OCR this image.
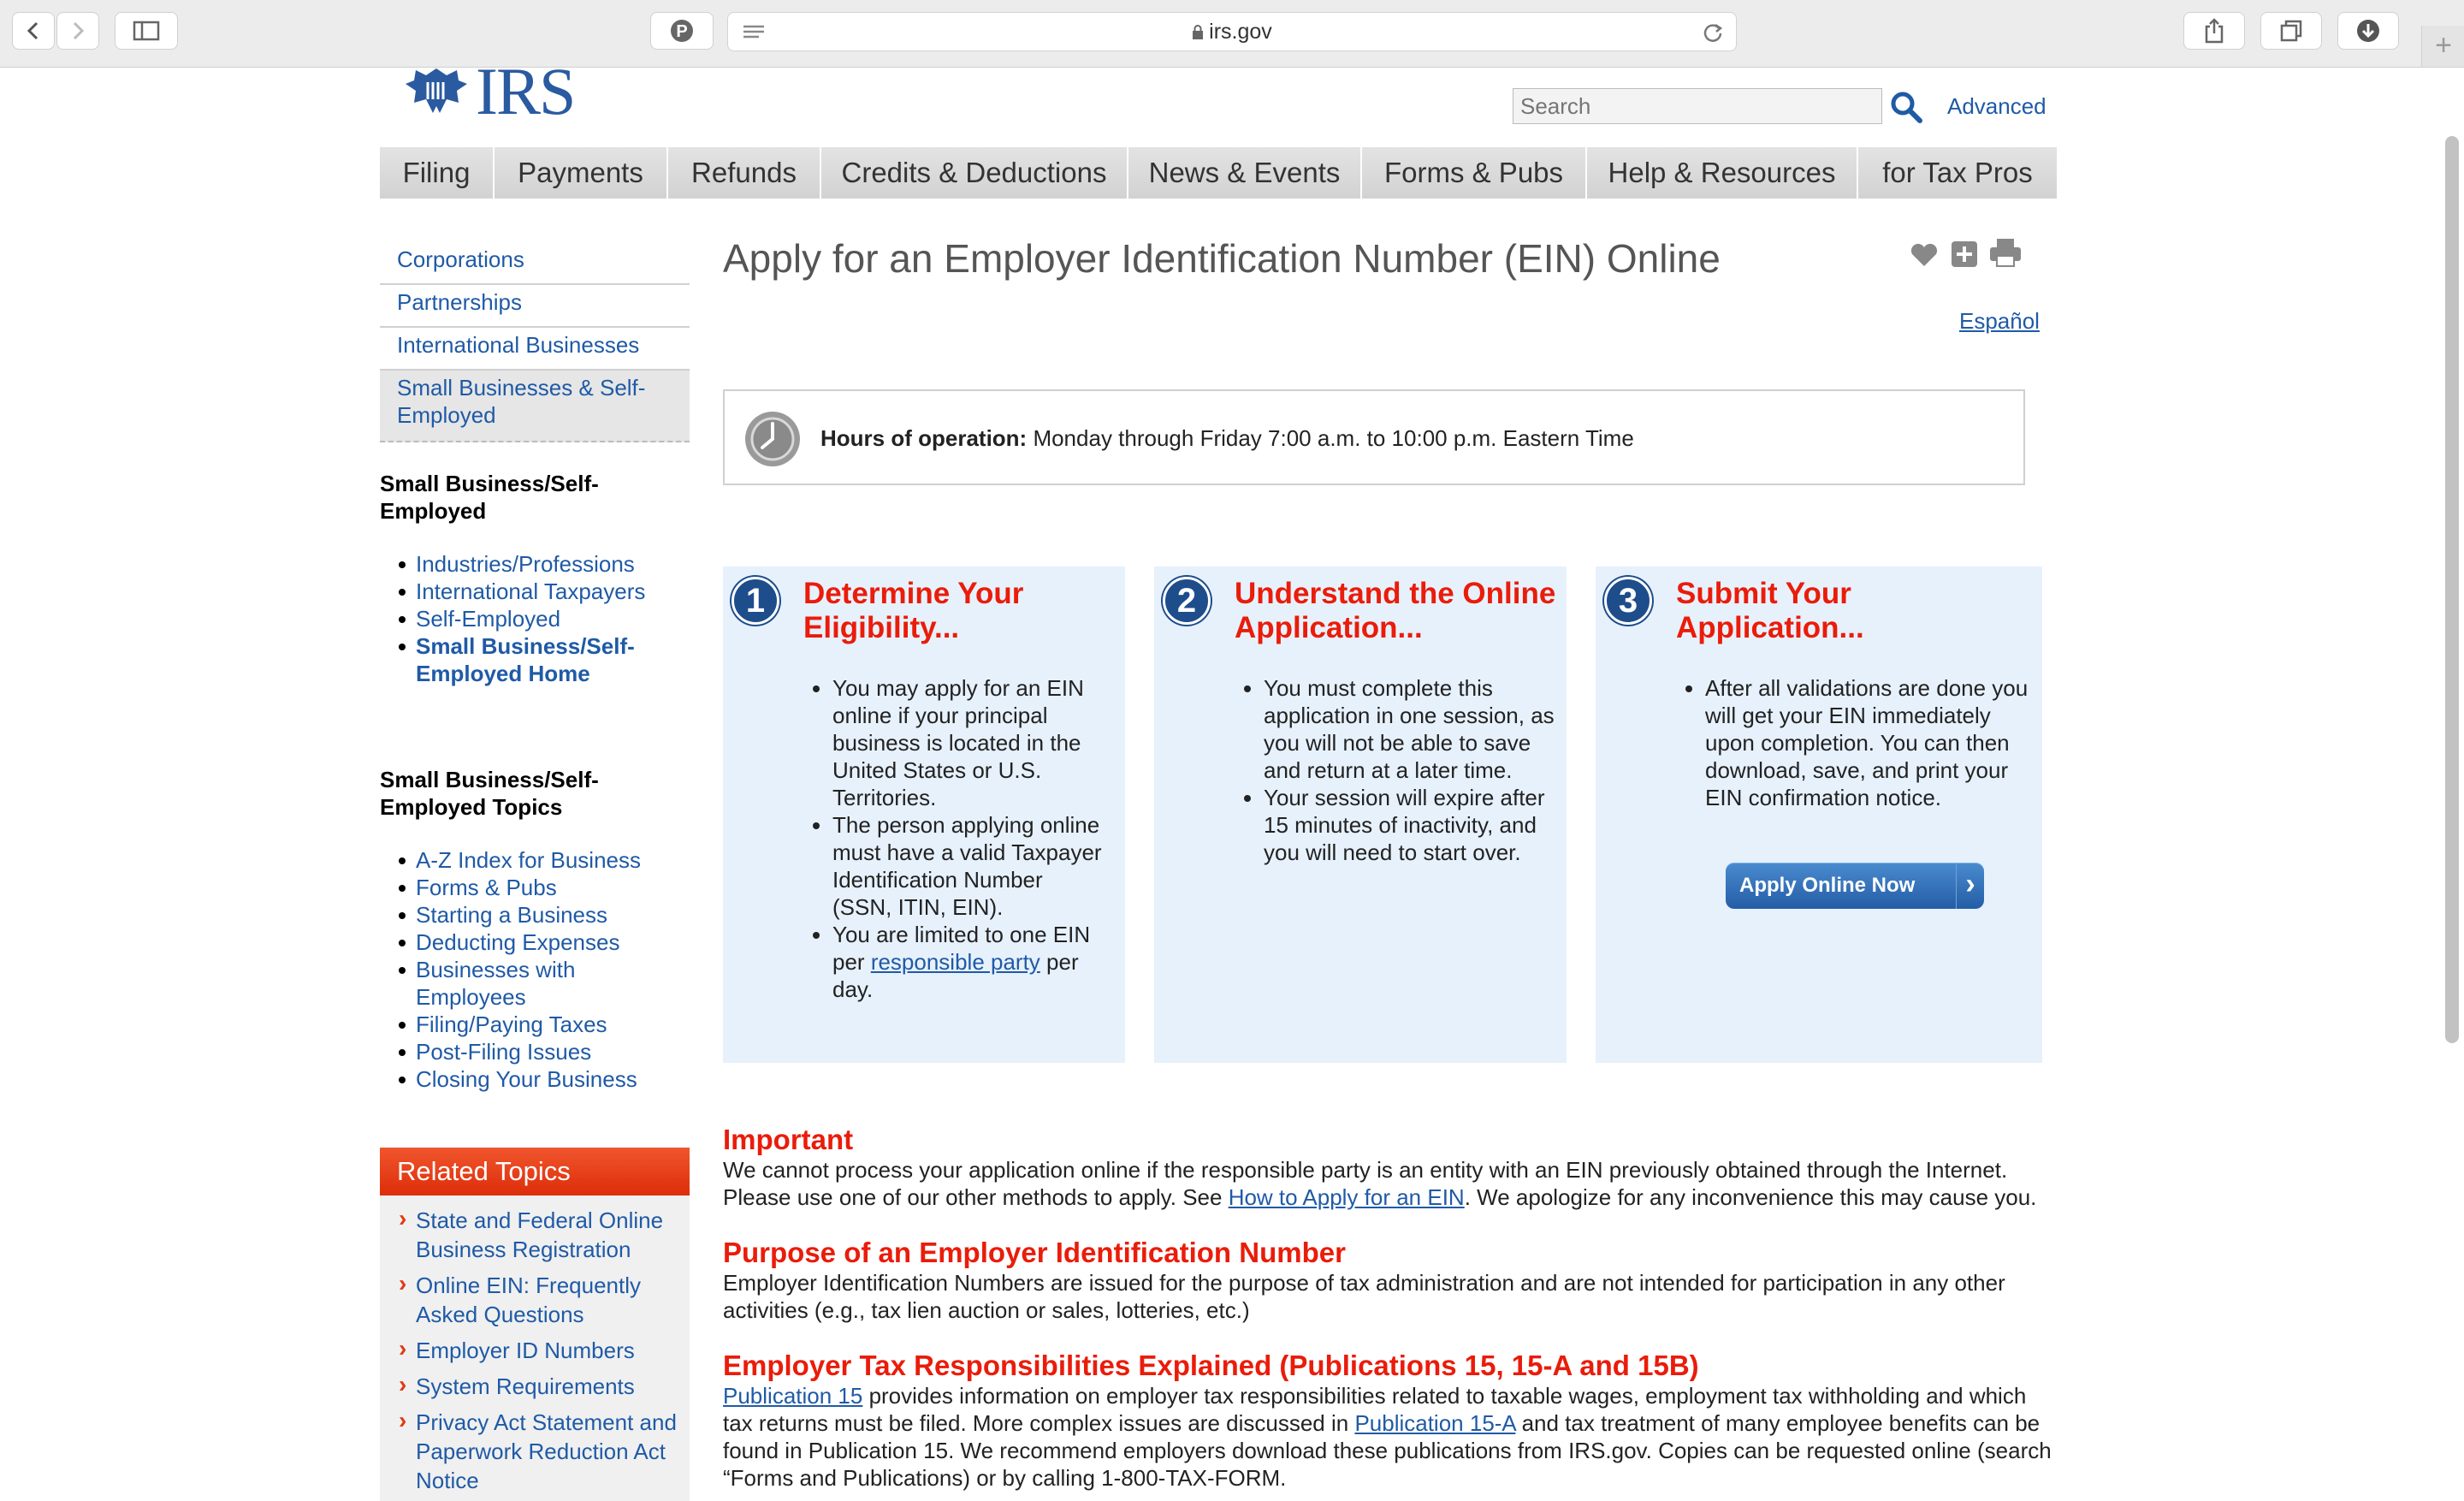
P	irs.gov	+
IRS
Search	Advanced
Filing	Payments	Refunds	Credits & Deductions	News & Events	Forms & Pubs	Help & Resources	for Tax Pros
Corporations
Partnerships
International Businesses
Small Businesses & Self-Employed
Small Business/Self-Employed
Industries/Professions
International Taxpayers
Self-Employed
Small Business/Self-Employed Home
Small Business/Self-Employed Topics
A-Z Index for Business
Forms & Pubs
Starting a Business
Deducting Expenses
Businesses with Employees
Filing/Paying Taxes
Post-Filing Issues
Closing Your Business
Related Topics
› State and Federal Online Business Registration
› Online EIN: Frequently Asked Questions
› Employer ID Numbers
› System Requirements
› Privacy Act Statement and Paperwork Reduction Act Notice
Apply for an Employer Identification Number (EIN) Online
Español
Hours of operation: Monday through Friday 7:00 a.m. to 10:00 p.m. Eastern Time
1	Determine Your Eligibility...
• You may apply for an EIN online if your principal business is located in the United States or U.S. Territories.
• The person applying online must have a valid Taxpayer Identification Number (SSN, ITIN, EIN).
• You are limited to one EIN per responsible party per day.
2	Understand the Online Application...
• You must complete this application in one session, as you will not be able to save and return at a later time.
• Your session will expire after 15 minutes of inactivity, and you will need to start over.
3	Submit Your Application...
• After all validations are done you will get your EIN immediately upon completion. You can then download, save, and print your EIN confirmation notice.
Apply Online Now	›
Important
We cannot process your application online if the responsible party is an entity with an EIN previously obtained through the Internet. Please use one of our other methods to apply. See How to Apply for an EIN. We apologize for any inconvenience this may cause you.
Purpose of an Employer Identification Number
Employer Identification Numbers are issued for the purpose of tax administration and are not intended for participation in any other activities (e.g., tax lien auction or sales, lotteries, etc.)
Employer Tax Responsibilities Explained (Publications 15, 15-A and 15B)
Publication 15 provides information on employer tax responsibilities related to taxable wages, employment tax withholding and which tax returns must be filed. More complex issues are discussed in Publication 15-A and tax treatment of many employee benefits can be found in Publication 15. We recommend employers download these publications from IRS.gov. Copies can be requested online (search “Forms and Publications) or by calling 1-800-TAX-FORM.
